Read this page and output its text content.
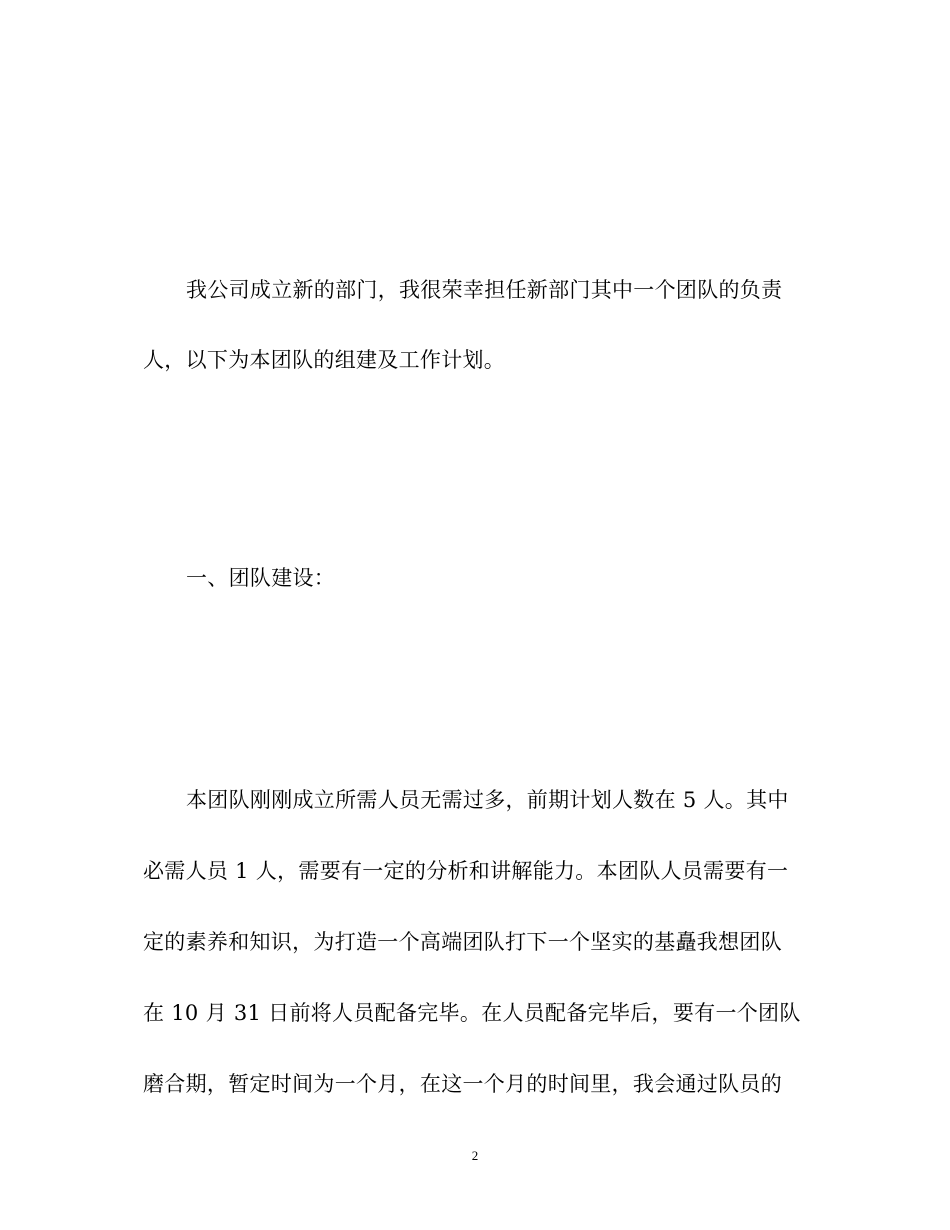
我公司成立新的部门，我很荣幸担任新部门其中一个团队的负责
人，以下为本团队的组建及工作计划。
一、团队建设：
本团队刚刚成立所需人员无需过多，前期计划人数在 5 人。其中
必需人员 1 人，需要有一定的分析和讲解能力。本团队人员需要有一
定的素养和知识，为打造一个高端团队打下一个坚实的基矗我想团队
在 10 月 31 日前将人员配备完毕。在人员配备完毕后，要有一个团队
磨合期，暂定时间为一个月，在这一个月的时间里，我会通过队员的
2
